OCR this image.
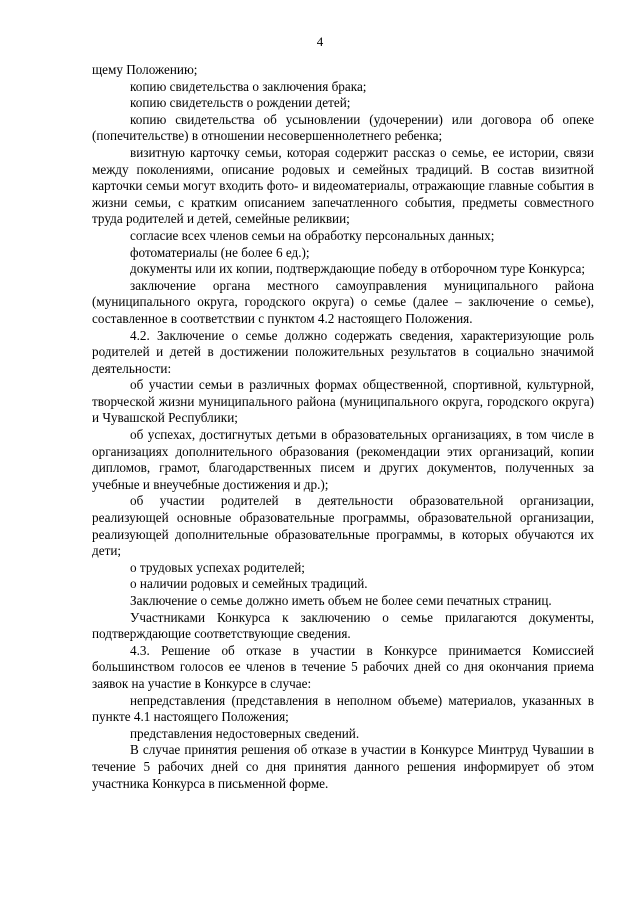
4

щему Положению;

копию свидетельства о заключения брака;

копию свидетельств о рождении детей;

копию свидетельства об усыновлении (удочерении) или договора об опеке (попечительстве) в отношении несовершеннолетнего ребенка;

визитную карточку семьи, которая содержит рассказ о семье, ее истории, связи между поколениями, описание родовых и семейных традиций. В состав визитной карточки семьи могут входить фото- и видеоматериалы, отражающие главные события в жизни семьи, с кратким описанием запечатленного события, предметы совместного труда родителей и детей, семейные реликвии;

согласие всех членов семьи на обработку персональных данных;

фотоматериалы (не более 6 ед.);

документы или их копии, подтверждающие победу в отборочном туре Конкурса;

заключение органа местного самоуправления муниципального района (муниципального округа, городского округа) о семье (далее – заключение о семье), составленное в соответствии с пунктом 4.2 настоящего Положения.

4.2. Заключение о семье должно содержать сведения, характеризующие роль родителей и детей в достижении положительных результатов в социально значимой деятельности:

об участии семьи в различных формах общественной, спортивной, культурной, творческой жизни муниципального района (муниципального округа, городского округа) и Чувашской Республики;

об успехах, достигнутых детьми в образовательных организациях, в том числе в организациях дополнительного образования (рекомендации этих организаций, копии дипломов, грамот, благодарственных писем и других документов, полученных за учебные и внеучебные достижения и др.);

об участии родителей в деятельности образовательной организации, реализующей основные образовательные программы, образовательной организации, реализующей дополнительные образовательные программы, в которых обучаются их дети;

о трудовых успехах родителей;

о наличии родовых и семейных традиций.

Заключение о семье должно иметь объем не более семи печатных страниц.

Участниками Конкурса к заключению о семье прилагаются документы, подтверждающие соответствующие сведения.

4.3. Решение об отказе в участии в Конкурсе принимается Комиссией большинством голосов ее членов в течение 5 рабочих дней со дня окончания приема заявок на участие в Конкурсе в случае:

непредставления (представления в неполном объеме) материалов, указанных в пункте 4.1 настоящего Положения;

представления недостоверных сведений.

В случае принятия решения об отказе в участии в Конкурсе Минтруд Чувашии в течение 5 рабочих дней со дня принятия данного решения информирует об этом участника Конкурса в письменной форме.
